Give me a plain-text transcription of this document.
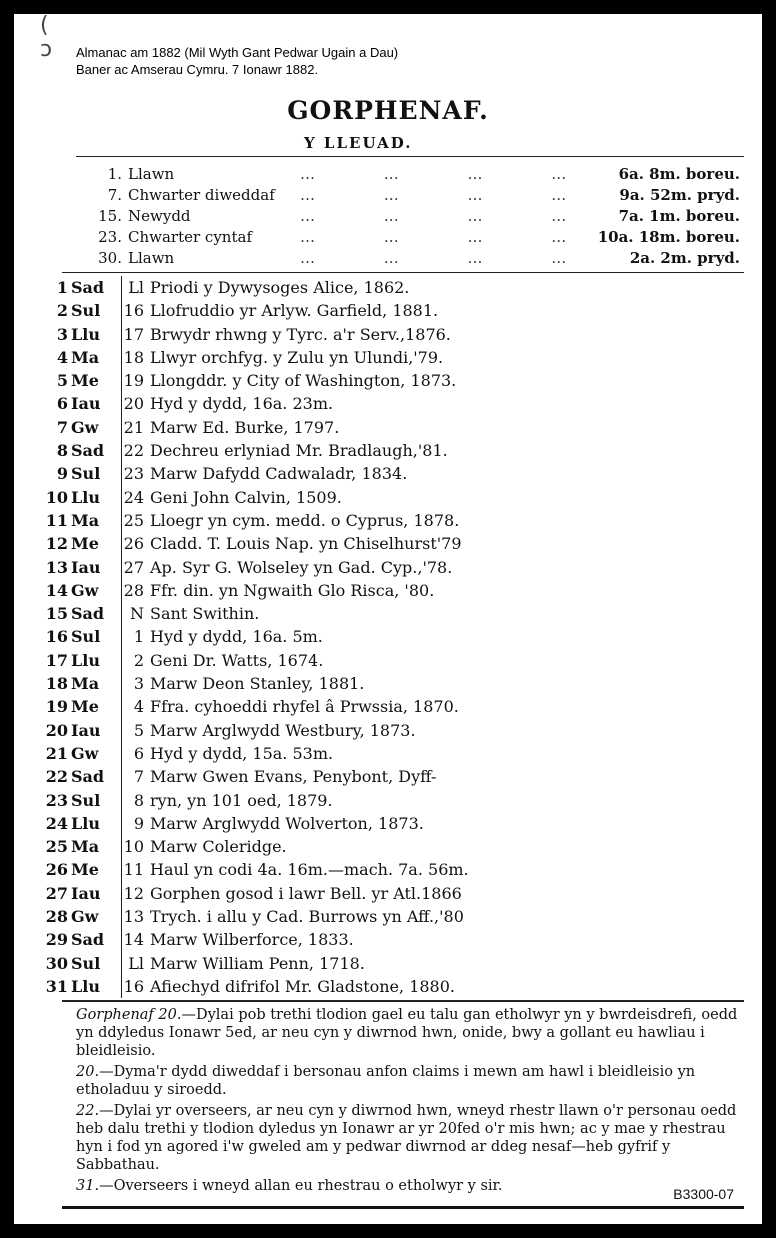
(
ↄ Almanac am 1882 (Mil Wyth Gant Pedwar Ugain a Dau)
Baner ac Amserau Cymru. 7 Ionawr 1882.
GORPHENAF.
Y LLEUAD.
1. Llawn	… … … … 6a. 8m. boreu.
7. Chwarter diweddaf … … … … 9a. 52m. pryd.
15. Newydd	… … … … 7a. 1m. boreu.
23. Chwarter cyntaf	… … … … 10a. 18m. boreu.
30. Llawn	… … … … 2a. 2m. pryd.
1 Sad	Ll Priodi y Dywysoges Alice, 1862.
2 Sul	16 Llofruddio yr Arlyw. Garfield, 1881.
3 Llu	17 Brwydr rhwng y Tyrc. a'r Serv.,1876.
4 Ma	18 Llwyr orchfyg. y Zulu yn Ulundi,'79.
5 Me	19 Llongddr. y City of Washington, 1873.
6 Iau	20 Hyd y dydd, 16a. 23m.
7 Gw	21 Marw Ed. Burke, 1797.
8 Sad	22 Dechreu erlyniad Mr. Bradlaugh,'81.
9 Sul	23 Marw Dafydd Cadwaladr, 1834.
10 Llu	24 Geni John Calvin, 1509.
11 Ma	25 Lloegr yn cym. medd. o Cyprus, 1878.
12 Me	26 Cladd. T. Louis Nap. yn Chiselhurst'79
13 Iau	27 Ap. Syr G. Wolseley yn Gad. Cyp.,'78.
14 Gw	28 Ffr. din. yn Ngwaith Glo Risca, '80.
15 Sad	N Sant Swithin.
16 Sul	1 Hyd y dydd, 16a. 5m.
17 Llu	2 Geni Dr. Watts, 1674.
18 Ma	3 Marw Deon Stanley, 1881.
19 Me	4 Ffra. cyhoeddi rhyfel â Prwssia, 1870.
20 Iau	5 Marw Arglwydd Westbury, 1873.
21 Gw	6 Hyd y dydd, 15a. 53m.
22 Sad	7 Marw Gwen Evans, Penybont, Dyff-
23 Sul	8 ryn, yn 101 oed, 1879.
24 Llu	9 Marw Arglwydd Wolverton, 1873.
25 Ma	10 Marw Coleridge.
26 Me	11 Haul yn codi 4a. 16m.—mach. 7a. 56m.
27 Iau	12 Gorphen gosod i lawr Bell. yr Atl.1866
28 Gw	13 Trych. i allu y Cad. Burrows yn Aff.,'80
29 Sad	14 Marw Wilberforce, 1833.
30 Sul	Ll Marw William Penn, 1718.
31 Llu	16 Afiechyd difrifol Mr. Gladstone, 1880.

Gorphenaf 20.—Dylai pob trethi tlodion gael eu talu gan etholwyr yn y bwrdeisdrefi, oedd yn ddyledus Ionawr 5ed, ar neu cyn y diwrnod hwn, onide, bwy a gollant eu hawliau i bleidleisio.

20.—Dyma'r dydd diweddaf i bersonau anfon claims i mewn am hawl i bleidleisio yn etholaduu y siroedd.

22.—Dylai yr overseers, ar neu cyn y diwrnod hwn, wneyd rhestr llawn o'r personau oedd heb dalu trethi y tlodion dyledus yn Ionawr ar yr 20fed o'r mis hwn; ac y mae y rhestrau hyn i fod yn agored i'w gweled am y pedwar diwrnod ar ddeg nesaf—heb gyfrif y Sabbathau.

31.—Overseers i wneyd allan eu rhestrau o etholwyr y sir.	B3300-07
